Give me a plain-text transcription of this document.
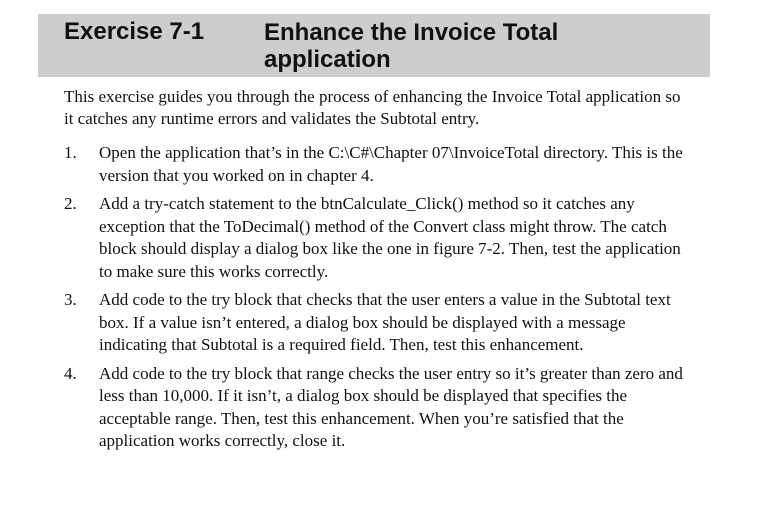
Exercise 7-1 Enhance the Invoice Total application

This exercise guides you through the process of enhancing the Invoice Total application so it catches any runtime errors and validates the Subtotal entry.

1. Open the application that’s in the C:\C#\Chapter 07\InvoiceTotal directory. This is the version that you worked on in chapter 4.
2. Add a try-catch statement to the btnCalculate_Click() method so it catches any exception that the ToDecimal() method of the Convert class might throw. The catch block should display a dialog box like the one in figure 7-2. Then, test the application to make sure this works correctly.
3. Add code to the try block that checks that the user enters a value in the Subtotal text box. If a value isn’t entered, a dialog box should be displayed with a message indicating that Subtotal is a required field. Then, test this enhancement.
4. Add code to the try block that range checks the user entry so it’s greater than zero and less than 10,000. If it isn’t, a dialog box should be displayed that specifies the acceptable range. Then, test this enhancement. When you’re satisfied that the application works correctly, close it.
